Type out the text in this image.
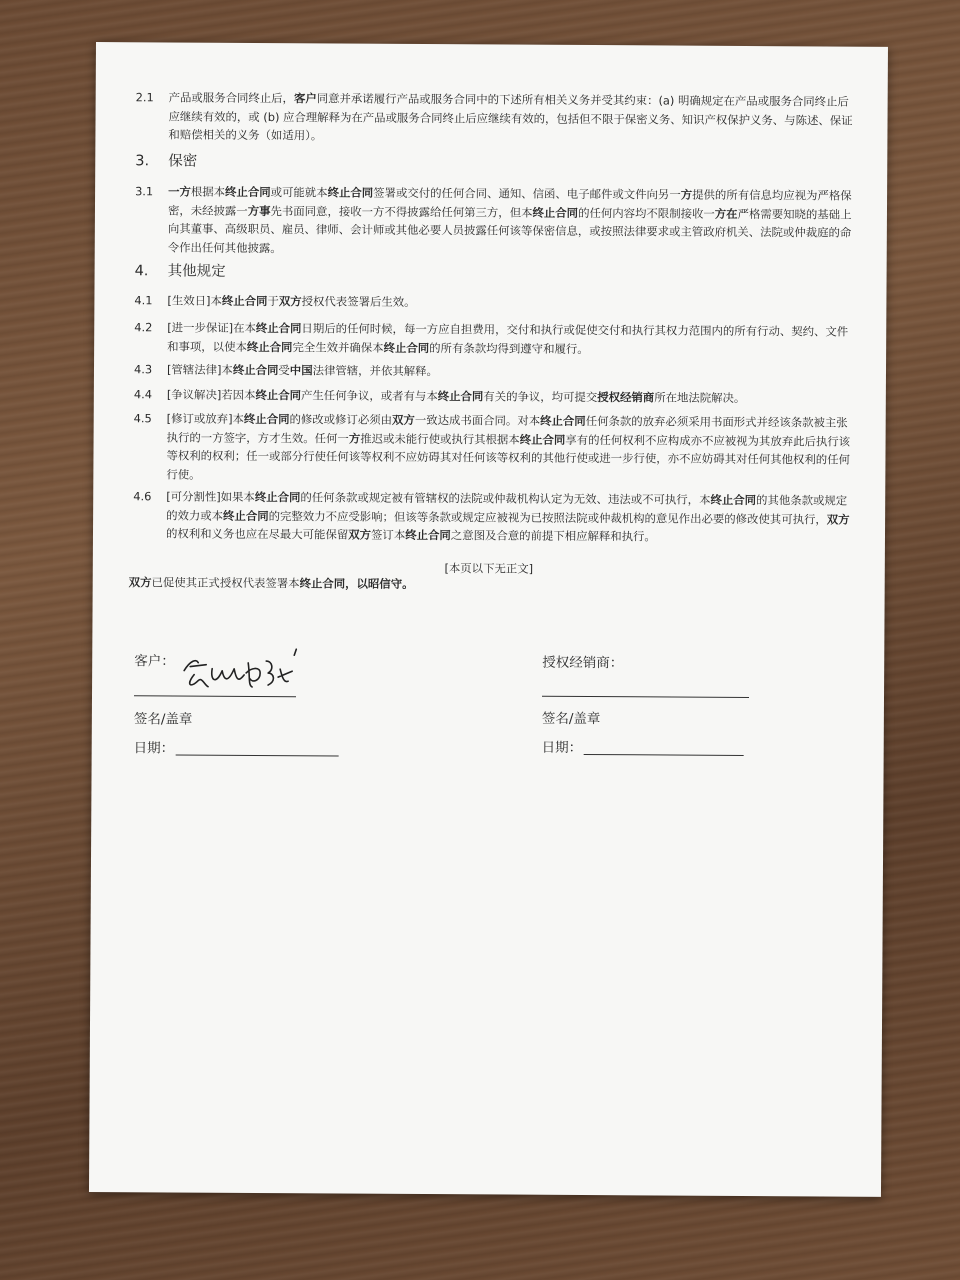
2.1	产品或服务合同终止后，客户同意并承诺履行产品或服务合同中的下述所有相关义务并受其约束：(a) 明确规定在产品或服务合同终止后应继续有效的，或 (b) 应合理解释为在产品或服务合同终止后应继续有效的，包括但不限于保密义务、知识产权保护义务、与陈述、保证和赔偿相关的义务（如适用）。
3. 保密
3.1	一方根据本终止合同或可能就本终止合同签署或交付的任何合同、通知、信函、电子邮件或文件向另一方提供的所有信息均应视为严格保密，未经披露一方事先书面同意，接收一方不得披露给任何第三方，但本终止合同的任何内容均不限制接收一方在严格需要知晓的基础上向其董事、高级职员、雇员、律师、会计师或其他必要人员披露任何该等保密信息，或按照法律要求或主管政府机关、法院或仲裁庭的命令作出任何其他披露。
4. 其他规定
4.1	[生效日]本终止合同于双方授权代表签署后生效。
4.2	[进一步保证]在本终止合同日期后的任何时候，每一方应自担费用，交付和执行或促使交付和执行其权力范围内的所有行动、契约、文件和事项，以使本终止合同完全生效并确保本终止合同的所有条款均得到遵守和履行。
4.3	[管辖法律]本终止合同受中国法律管辖，并依其解释。
4.4	[争议解决]若因本终止合同产生任何争议，或者有与本终止合同有关的争议，均可提交授权经销商所在地法院解决。
4.5	[修订或放弃]本终止合同的修改或修订必须由双方一致达成书面合同。对本终止合同任何条款的放弃必须采用书面形式并经该条款被主张执行的一方签字，方才生效。任何一方推迟或未能行使或执行其根据本终止合同享有的任何权利不应构成亦不应被视为其放弃此后执行该等权利的权利；任一或部分行使任何该等权利不应妨碍其对任何该等权利的其他行使或进一步行使，亦不应妨碍其对任何其他权利的任何行使。
4.6	[可分割性]如果本终止合同的任何条款或规定被有管辖权的法院或仲裁机构认定为无效、违法或不可执行，本终止合同的其他条款或规定的效力或本终止合同的完整效力不应受影响；但该等条款或规定应被视为已按照法院或仲裁机构的意见作出必要的修改使其可执行，双方的权利和义务也应在尽最大可能保留双方签订本终止合同之意图及合意的前提下相应解释和执行。
[本页以下无正文]
双方已促使其正式授权代表签署本终止合同，以昭信守。
客户：
签名/盖章
日期：
授权经销商：
签名/盖章
日期：
